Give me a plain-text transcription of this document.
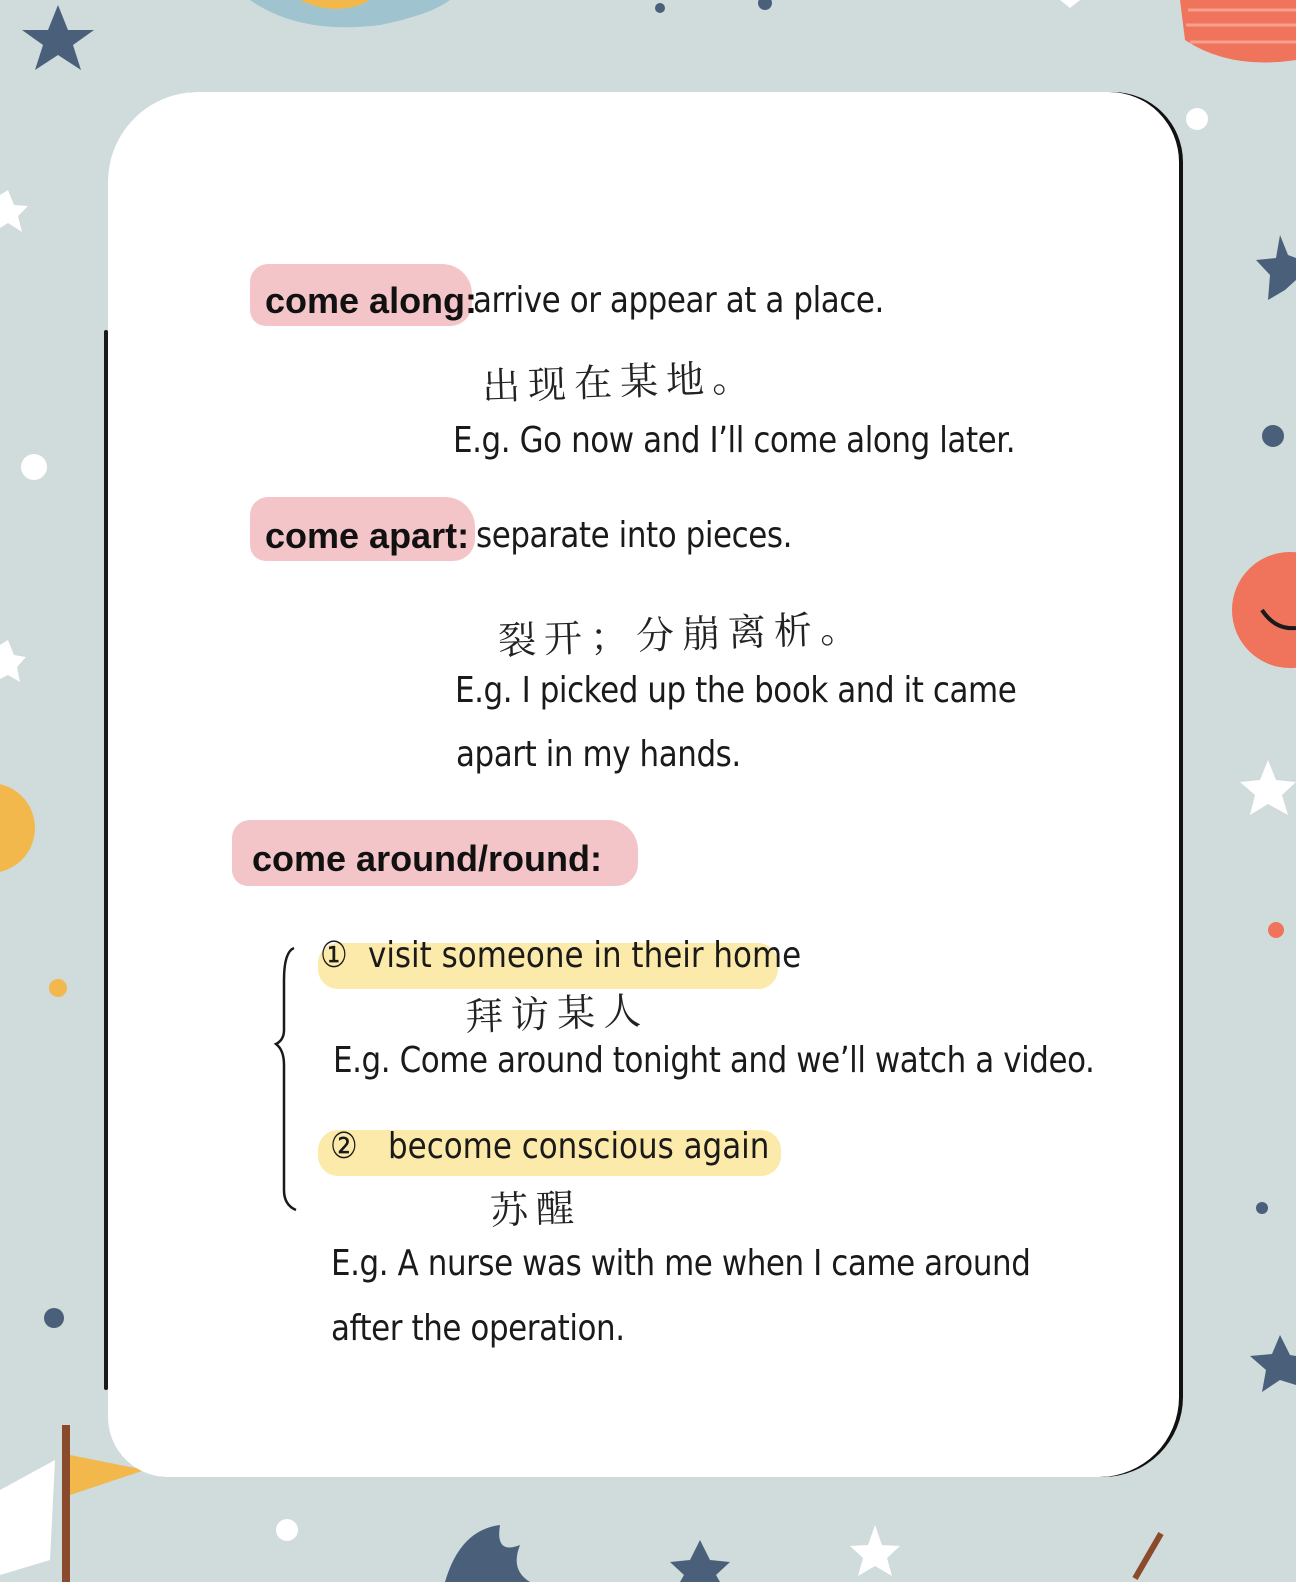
come along:
arrive or appear at a place.
出现在某地。
E.g. Go now and I’ll come along later.
come apart: separate into pieces.
裂开；分崩离析。
E.g. I picked up the book and it came
apart in my hands.
come around/round:
① visit someone in their home
拜访某人
E.g. Come around tonight and we’ll watch a video.
② become conscious again
苏醒
E.g. A nurse was with me when I came around
after the operation.
